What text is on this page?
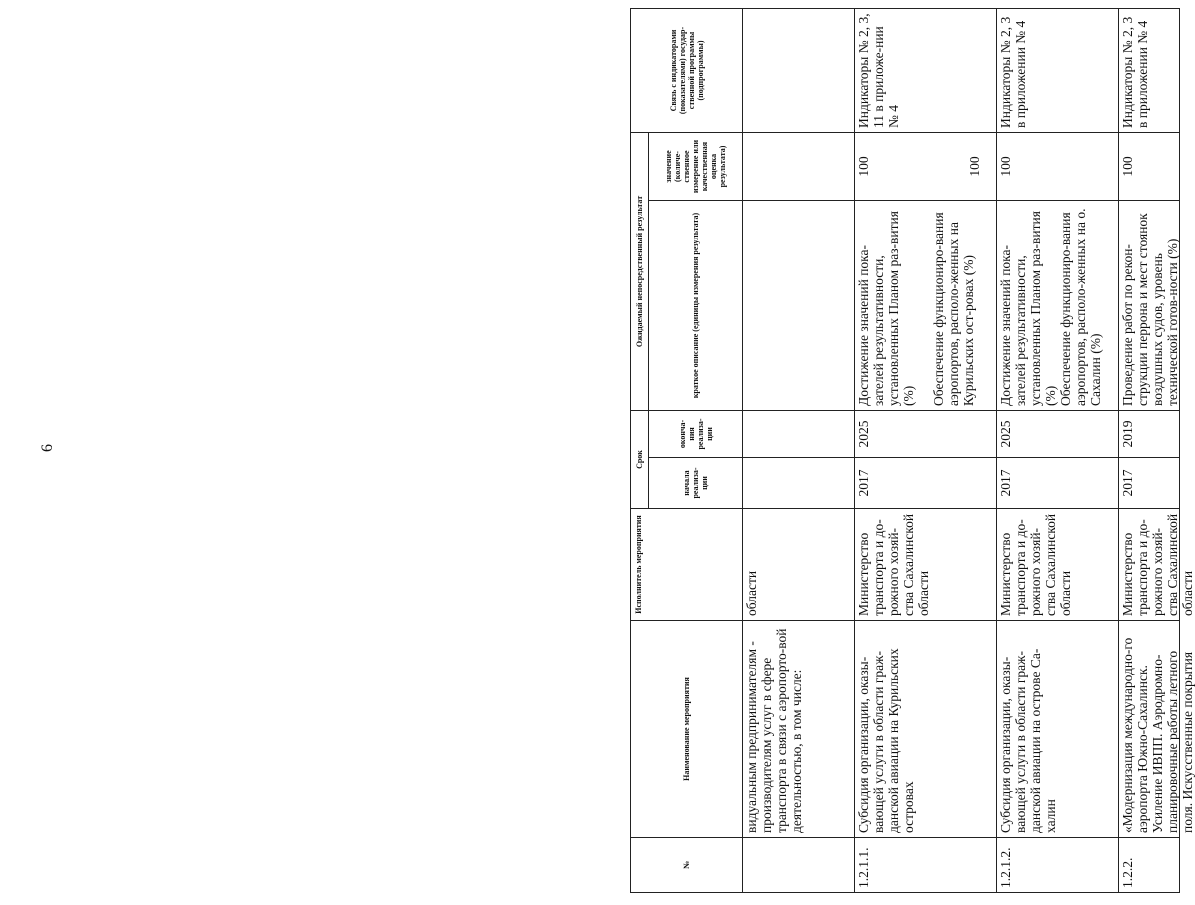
6
№
Наименование мероприятия
Исполнитель мероприятия
Срок
начала реализа-ции
оконча-ния реализа-ции
Ожидаемый непосредственный результат	краткое описание (единицы измерения результата)
значение (количе-ственное измерение или качественная оценка результата)
Связь с индикаторами (показателями) государ-ственной программы (подпрограммы)
видуальным предпринимателям - производителям услуг в сфере транспорта в связи с аэропорто-вой деятельностью, в том числе:
области
1.2.1.1.
Субсидия организации, оказы-вающей услуги в области граж-данской авиации на Курильских островах
Министерство транспорта и до-рожного хозяй-ства Сахалинской области
2017
2025
Достижение значений пока-зателей результативности, установленных Планом раз-вития (%) Обеспечение функциониро-вания аэропортов, располо-женных на Курильских ост-ровах (%)
100	100
Индикаторы № 2, 3, 11 в приложе-нии № 4
1.2.1.2.
Субсидия организации, оказы-вающей услуги в области граж-данской авиации на острове Са-халин
Министерство транспорта и до-рожного хозяй-ства Сахалинской области
2017
2025
Достижение значений пока-зателей результативности, установленных Планом раз-вития (%) Обеспечение функциониро-вания аэропортов, располо-женных на о. Сахалин (%)
100
Индикаторы № 2, 3 в приложении № 4
1.2.2.
«Модернизация международно-го аэропорта Южно-Сахалинск. Усиление ИВПП. Аэродромно-планировочные работы летного поля. Искусственные покрытия
Министерство транспорта и до-рожного хозяй-ства Сахалинской области
2017
2019
Проведение работ по рекон-струкции перрона и мест стоянок воздушных судов, уровень технической готов-ности (%)
100
Индикаторы № 2, 3 в приложении № 4
